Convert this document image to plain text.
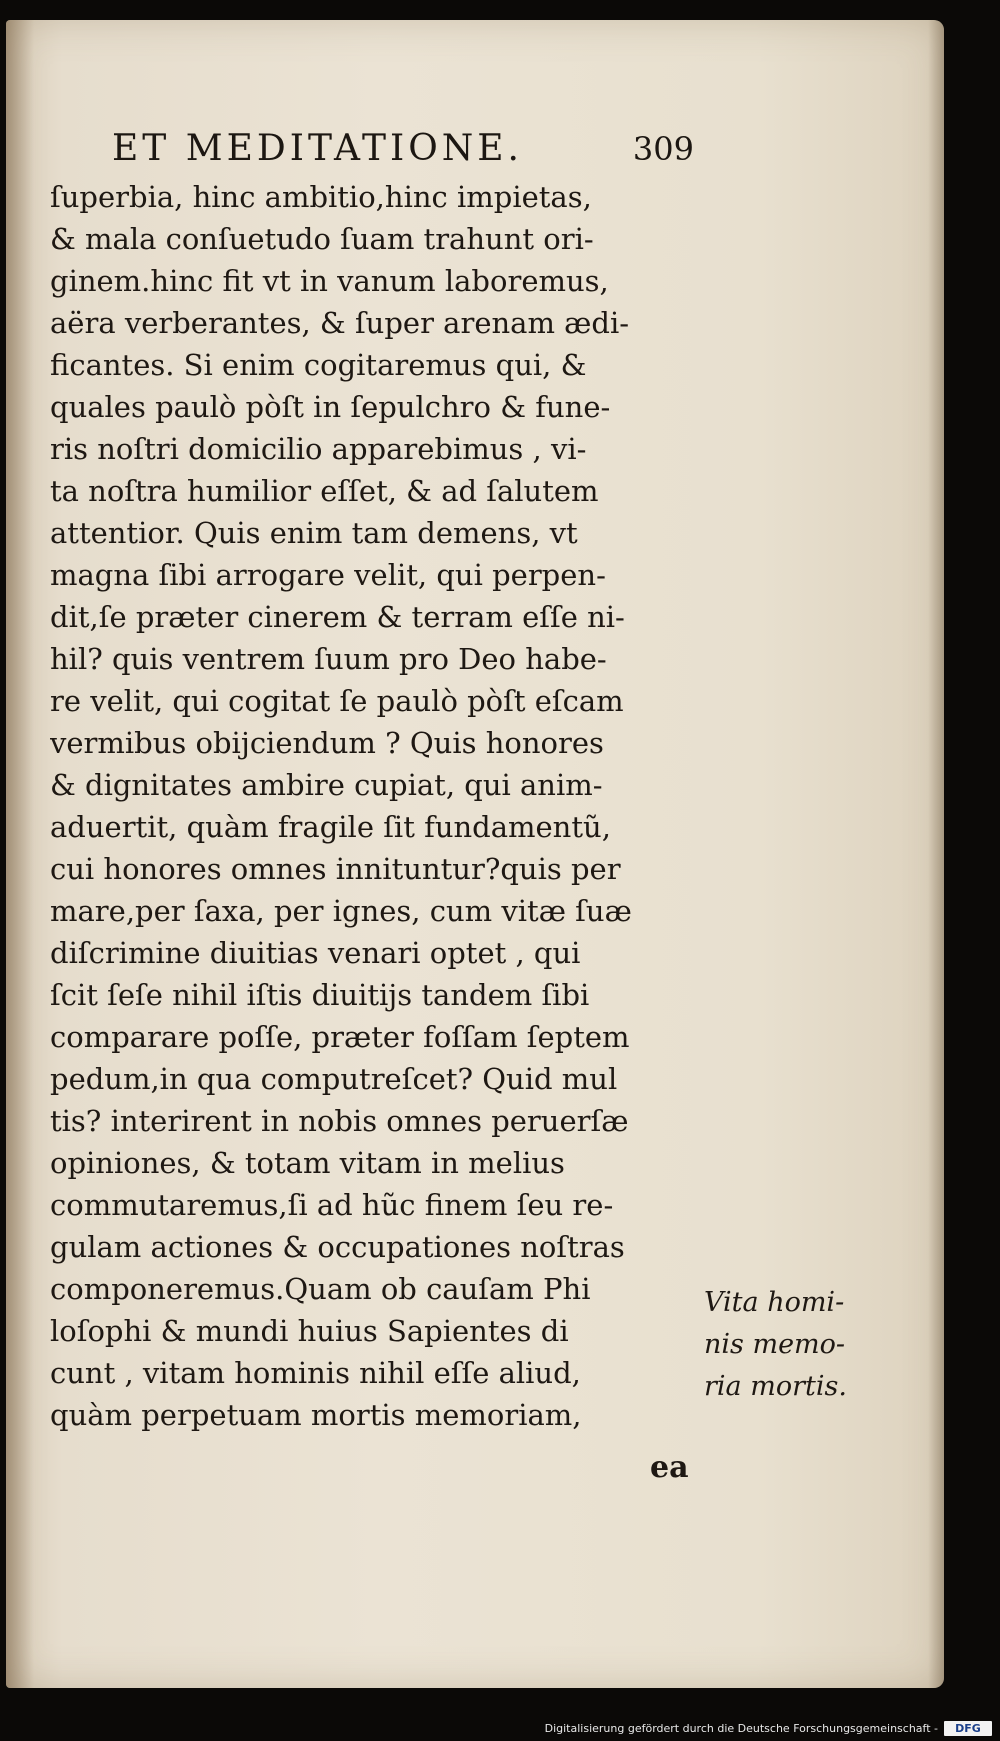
ET MEDITATIONE.	309
ſuperbia, hinc ambitio,hinc impietas,
& mala conſuetudo ſuam trahunt ori-
ginem.hinc fit vt in vanum laboremus,
aëra verberantes, & ſuper arenam ædi-
ficantes. Si enim cogitaremus qui, &
quales paulò pòſt in ſepulchro & fune-
ris noſtri domicilio apparebimus , vi-
ta noſtra humilior eſſet, & ad ſalutem
attentior. Quis enim tam demens, vt
magna ſibi arrogare velit, qui perpen-
dit,ſe præter cinerem & terram eſſe ni-
hil? quis ventrem ſuum pro Deo habe-
re velit, qui cogitat ſe paulò pòſt eſcam
vermibus obijciendum ? Quis honores
& dignitates ambire cupiat, qui anim-
aduertit, quàm fragile ſit fundamentũ,
cui honores omnes innituntur?quis per
mare,per ſaxa, per ignes, cum vitæ ſuæ
diſcrimine diuitias venari optet , qui
ſcit ſeſe nihil iſtis diuitijs tandem ſibi
comparare poſſe, præter foſſam ſeptem
pedum,in qua computreſcet? Quid mul
tis? interirent in nobis omnes peruerſæ
opiniones, & totam vitam in melius
commutaremus,ſi ad hũc finem ſeu re-
gulam actiones & occupationes noſtras
componeremus.Quam ob cauſam Phi
loſophi & mundi huius Sapientes di
cunt , vitam hominis nihil eſſe aliud,
quàm perpetuam mortis memoriam,
Vita homi-
nis memo-
ria mortis.
ea
Digitalisierung gefördert durch die Deutsche Forschungsgemeinschaft -	DFG
